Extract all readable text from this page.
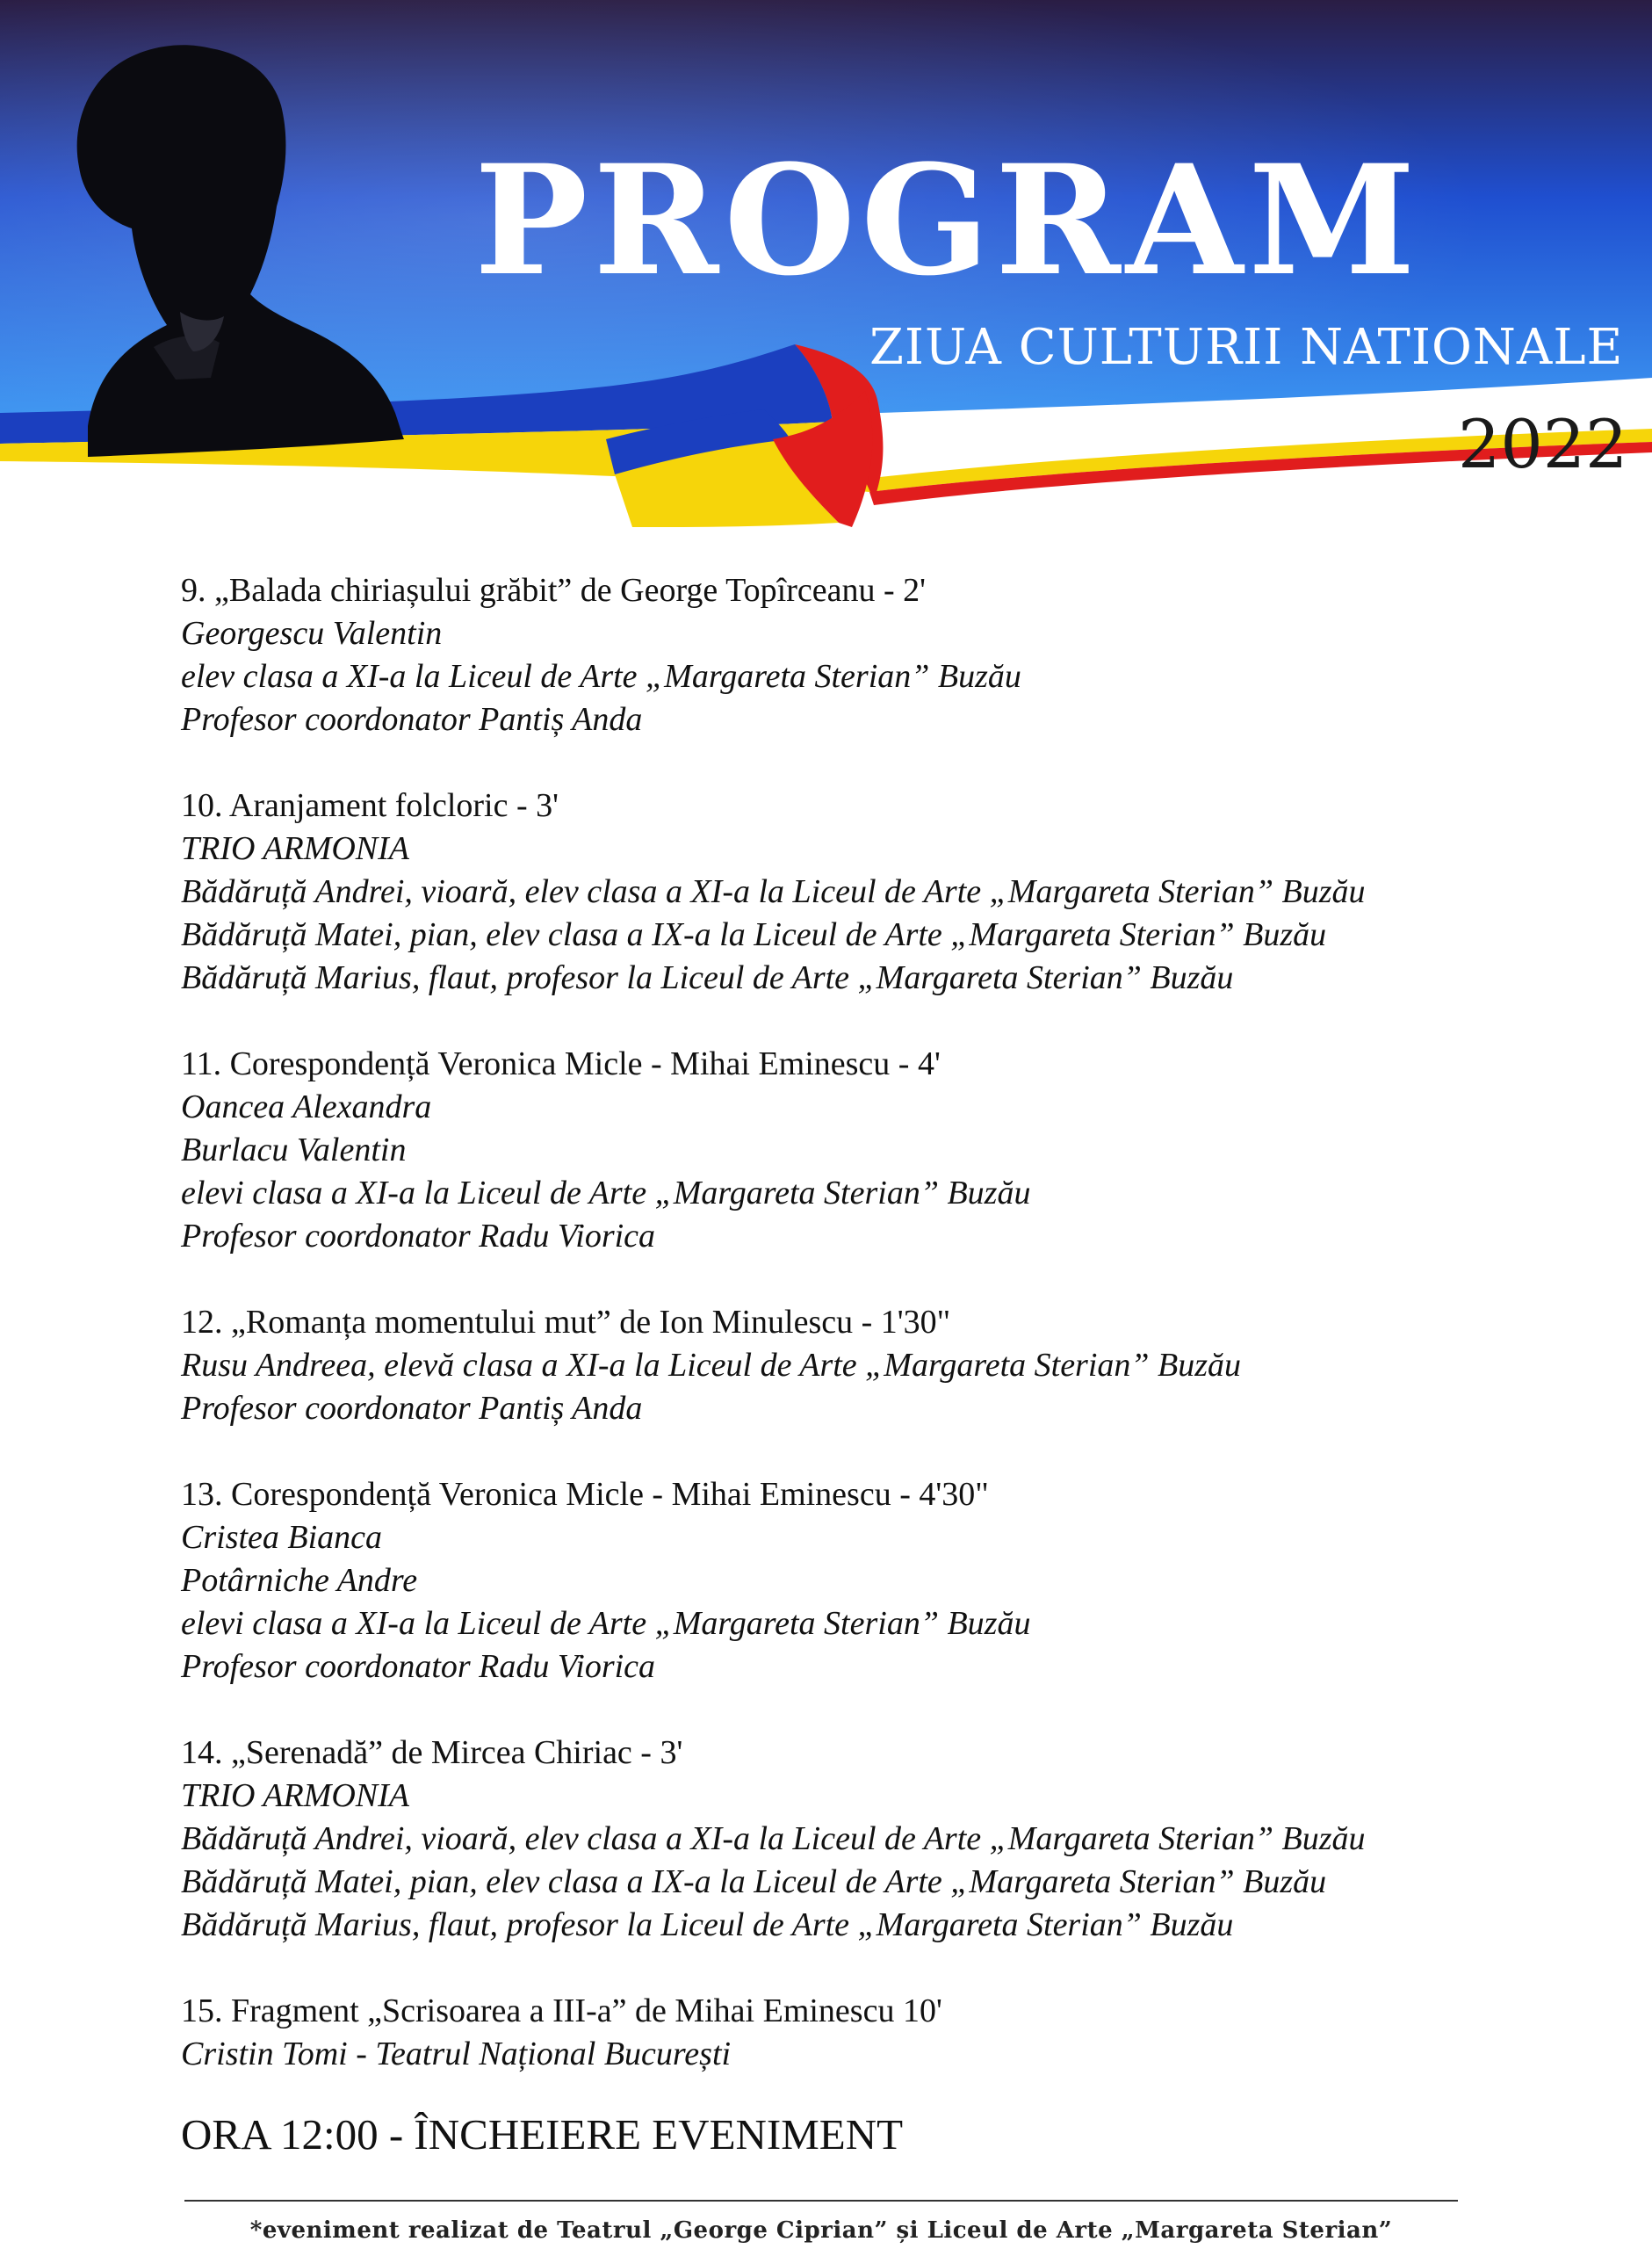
PROGRAM
ZIUA CULTURII NATIONALE
2022
9. „Balada chiriașului grăbit” de George Topîrceanu - 2'
Georgescu Valentin
elev clasa a XI-a la Liceul de Arte „Margareta Sterian” Buzău
Profesor coordonator Pantiș Anda
10. Aranjament folcloric - 3'
TRIO ARMONIA
Bădăruță Andrei, vioară, elev clasa a XI-a la Liceul de Arte „Margareta Sterian” Buzău
Bădăruță Matei, pian, elev clasa a IX-a la Liceul de Arte „Margareta Sterian” Buzău
Bădăruță Marius, flaut, profesor la Liceul de Arte „Margareta Sterian” Buzău
11. Corespondență Veronica Micle - Mihai Eminescu - 4'
Oancea Alexandra
Burlacu Valentin
elevi clasa a XI-a la Liceul de Arte „Margareta Sterian” Buzău
Profesor coordonator Radu Viorica
12. „Romanța momentului mut” de Ion Minulescu - 1'30"
Rusu Andreea, elevă clasa a XI-a la Liceul de Arte „Margareta Sterian” Buzău
Profesor coordonator Pantiș Anda
13. Corespondență Veronica Micle - Mihai Eminescu - 4'30"
Cristea Bianca
Potârniche Andre
elevi clasa a XI-a la Liceul de Arte „Margareta Sterian” Buzău
Profesor coordonator Radu Viorica
14. „Serenadă” de Mircea Chiriac - 3'
TRIO ARMONIA
Bădăruță Andrei, vioară, elev clasa a XI-a la Liceul de Arte „Margareta Sterian” Buzău
Bădăruță Matei, pian, elev clasa a IX-a la Liceul de Arte „Margareta Sterian” Buzău
Bădăruță Marius, flaut, profesor la Liceul de Arte „Margareta Sterian” Buzău
15. Fragment „Scrisoarea a III-a” de Mihai Eminescu 10'
Cristin Tomi - Teatrul Național București
ORA 12:00 - ÎNCHEIERE EVENIMENT
*eveniment realizat de Teatrul „George Ciprian” și Liceul de Arte „Margareta Sterian”
